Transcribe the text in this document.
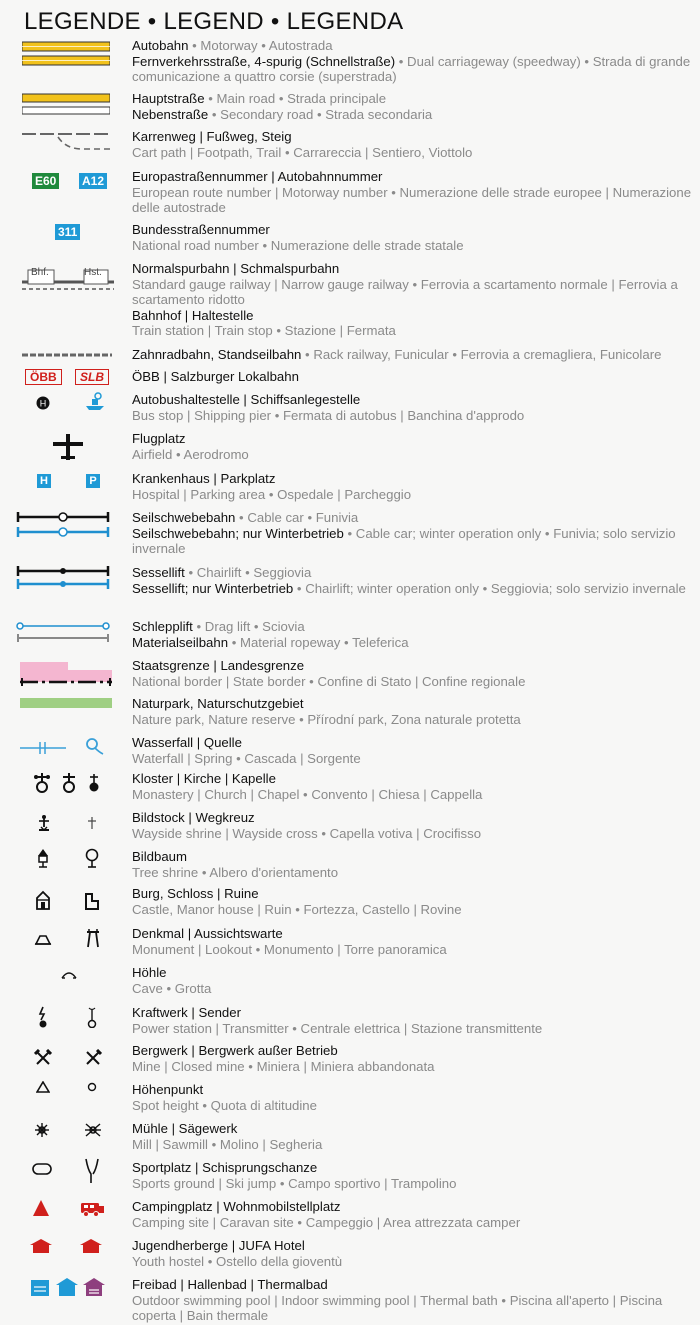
LEGENDE • LEGEND • LEGENDA
Autobahn • Motorway • Autostrada
Fernverkehrsstraße, 4-spurig (Schnellstraße) • Dual carriageway (speedway) • Strada di grande comunicazione a quattro corsie (superstrada)
Hauptstraße • Main road • Strada principale
Nebenstraße • Secondary road • Strada secondaria
Karrenweg | Fußweg, Steig
Cart path | Footpath, Trail • Carrareccia | Sentiero, Viottolo
E60 A12 Europastraßennummer | Autobahnnummer
European route number | Motorway number • Numerazione delle strade europee | Numerazione delle autostrade
311	Bundesstraßennummer
National road number • Numerazione delle strade statale
Bhf.	Hst. Normalspurbahn | Schmalspurbahn
Standard gauge railway | Narrow gauge railway • Ferrovia a scartamento normale | Ferrovia a scartamento ridotto
Bahnhof | Haltestelle
Train station | Train stop • Stazione | Fermata
Zahnradbahn, Standseilbahn • Rack railway, Funicular • Ferrovia a cremagliera, Funicolare
ÖBB	SLB	ÖBB | Salzburger Lokalbahn
H	Autobushaltestelle | Schiffsanlegestelle
Bus stop | Shipping pier • Fermata di autobus | Banchina d'approdo
Flugplatz
Airfield • Aerodromo
H	P	Krankenhaus | Parkplatz
Hospital | Parking area • Ospedale | Parcheggio
Seilschwebebahn • Cable car • Funivia
Seilschwebebahn; nur Winterbetrieb • Cable car; winter operation only • Funivia; solo servizio invernale
Sessellift • Chairlift • Seggiovia
Sessellift; nur Winterbetrieb • Chairlift; winter operation only • Seggiovia; solo servizio invernale
Schlepplift • Drag lift • Sciovia
Materialseilbahn • Material ropeway • Teleferica
Staatsgrenze | Landesgrenze
National border | State border • Confine di Stato | Confine regionale
Naturpark, Naturschutzgebiet
Nature park, Nature reserve • Přírodní park, Zona naturale protetta
Wasserfall | Quelle
Waterfall | Spring • Cascada | Sorgente
Kloster | Kirche | Kapelle
Monastery | Church | Chapel • Convento | Chiesa | Cappella
Bildstock | Wegkreuz
Wayside shrine | Wayside cross • Capella votiva | Crocifisso
Bildbaum
Tree shrine • Albero d'orientamento
Burg, Schloss | Ruine
Castle, Manor house | Ruin • Fortezza, Castello | Rovine
Denkmal | Aussichtswarte
Monument | Lookout • Monumento | Torre panoramica
Höhle
Cave • Grotta
Kraftwerk | Sender
Power station | Transmitter • Centrale elettrica | Stazione transmittente
Bergwerk | Bergwerk außer Betrieb
Mine | Closed mine • Miniera | Miniera abbandonata
Höhenpunkt
Spot height • Quota di altitudine
Mühle | Sägewerk
Mill | Sawmill • Molino | Segheria
Sportplatz | Schisprungschanze
Sports ground | Ski jump • Campo sportivo | Trampolino
Campingplatz | Wohnmobilstellplatz
Camping site | Caravan site • Campeggio | Area attrezzata camper
Jugendherberge | JUFA Hotel
Youth hostel • Ostello della gioventù
Freibad | Hallenbad | Thermalbad
Outdoor swimming pool | Indoor swimming pool | Thermal bath • Piscina all'aperto | Piscina coperta | Bain thermale
